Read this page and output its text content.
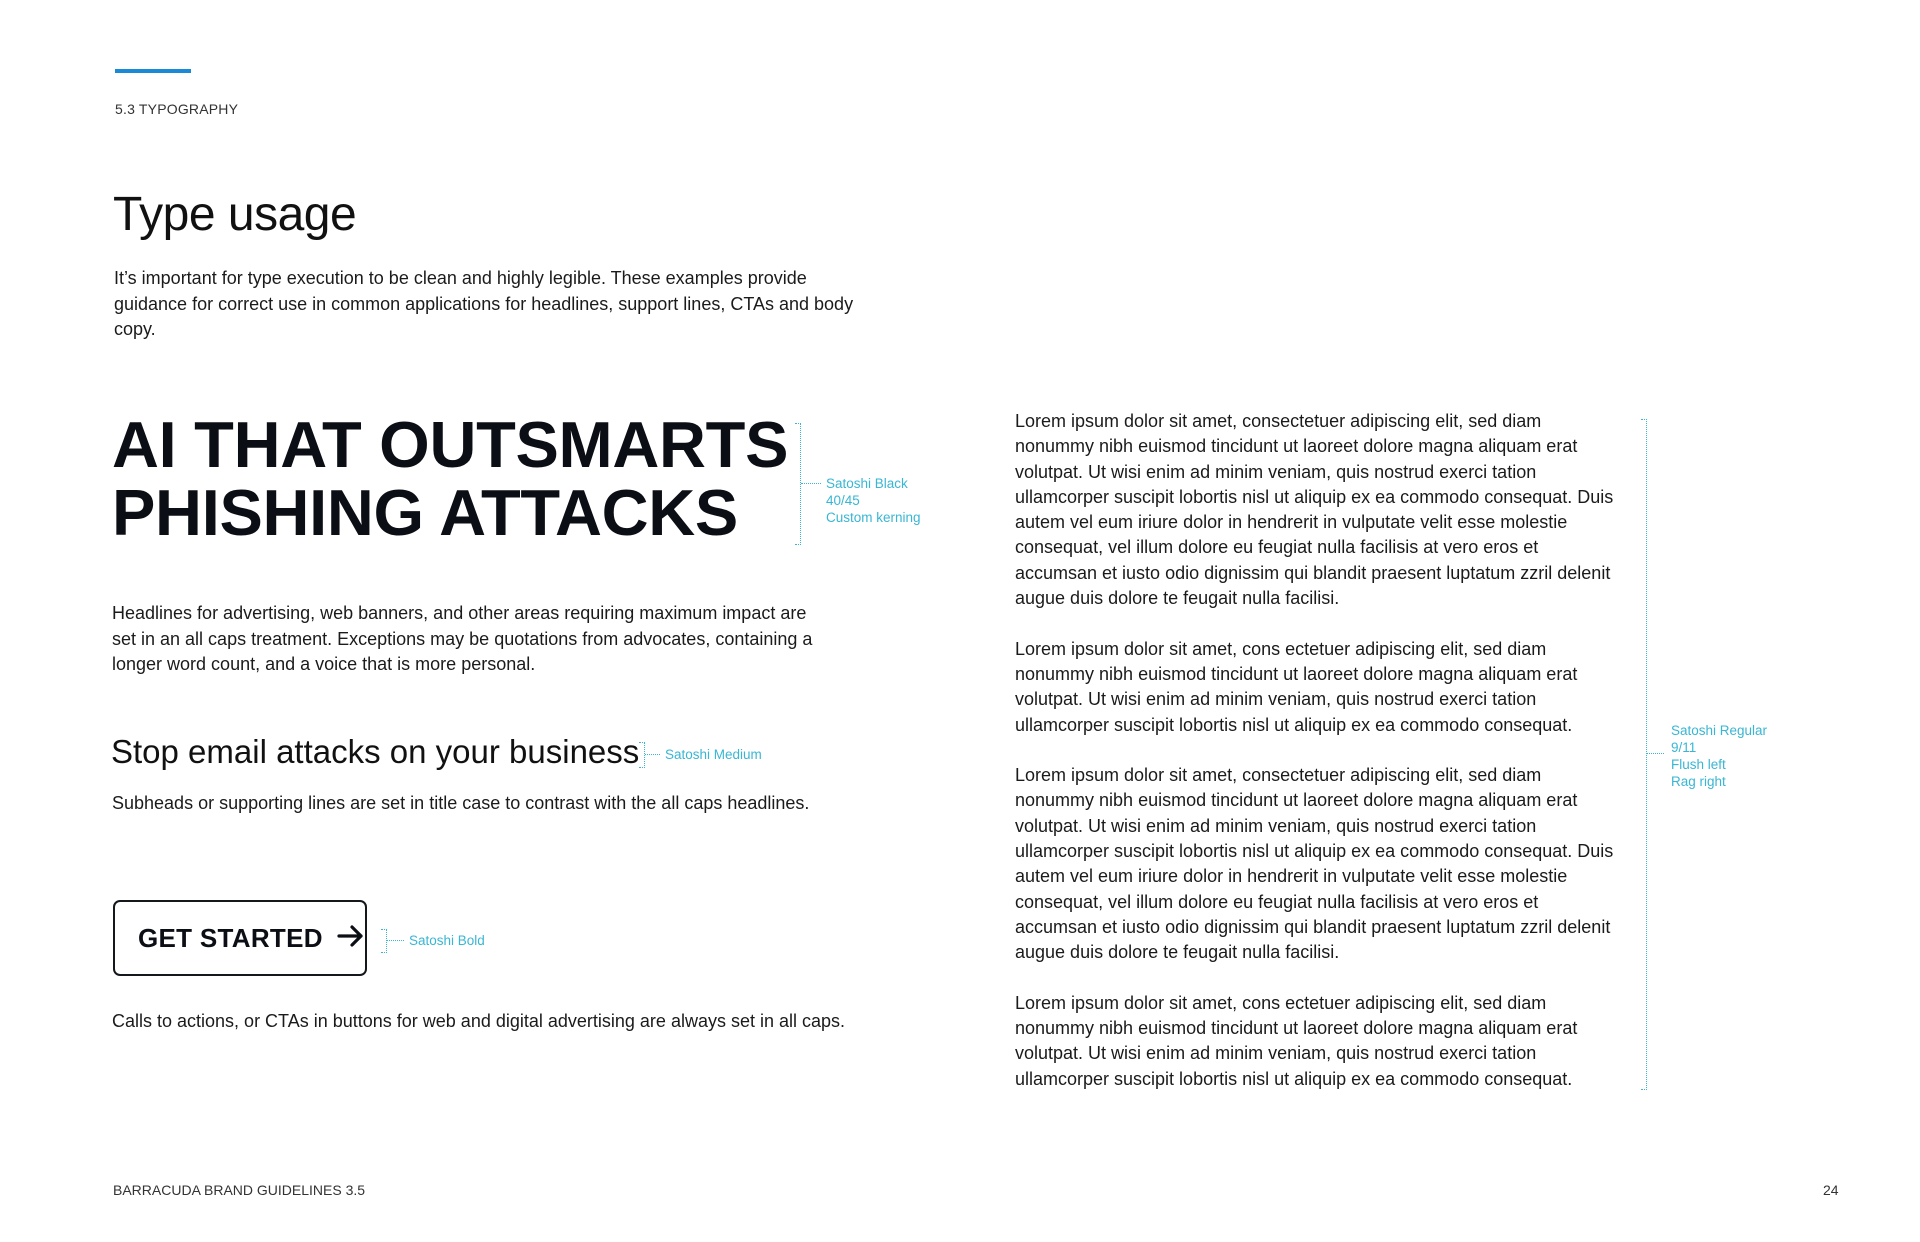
5.3 TYPOGRAPHY
Type usage

It’s important for type execution to be clean and highly legible. These examples provide guidance for correct use in common applications for headlines, support lines, CTAs and body copy.

AI THAT OUTSMARTS
PHISHING ATTACKS	Satoshi Black
40/45
Custom kerning

Headlines for advertising, web banners, and other areas requiring maximum impact are set in an all caps treatment. Exceptions may be quotations from advocates, containing a longer word count, and a voice that is more personal.

Stop email attacks on your business Satoshi Medium

Subheads or supporting lines are set in title case to contrast with the all caps headlines.

GET STARTED	Satoshi Bold

Calls to actions, or CTAs in buttons for web and digital advertising are always set in all caps.

Lorem ipsum dolor sit amet, consectetuer adipiscing elit, sed diam nonummy nibh euismod tincidunt ut laoreet dolore magna aliquam erat volutpat. Ut wisi enim ad minim veniam, quis nostrud exerci tation ullamcorper suscipit lobortis nisl ut aliquip ex ea commodo consequat. Duis autem vel eum iriure dolor in hendrerit in vulputate velit esse molestie consequat, vel illum dolore eu feugiat nulla facilisis at vero eros et accumsan et iusto odio dignissim qui blandit praesent luptatum zzril delenit augue duis dolore te feugait nulla facilisi.

Lorem ipsum dolor sit amet, cons ectetuer adipiscing elit, sed diam nonummy nibh euismod tincidunt ut laoreet dolore magna aliquam erat volutpat. Ut wisi enim ad minim veniam, quis nostrud exerci tation ullamcorper suscipit lobortis nisl ut aliquip ex ea commodo consequat.

Lorem ipsum dolor sit amet, consectetuer adipiscing elit, sed diam nonummy nibh euismod tincidunt ut laoreet dolore magna aliquam erat volutpat. Ut wisi enim ad minim veniam, quis nostrud exerci tation ullamcorper suscipit lobortis nisl ut aliquip ex ea commodo consequat. Duis autem vel eum iriure dolor in hendrerit in vulputate velit esse molestie consequat, vel illum dolore eu feugiat nulla facilisis at vero eros et accumsan et iusto odio dignissim qui blandit praesent luptatum zzril delenit augue duis dolore te feugait nulla facilisi.

Lorem ipsum dolor sit amet, cons ectetuer adipiscing elit, sed diam nonummy nibh euismod tincidunt ut laoreet dolore magna aliquam erat volutpat. Ut wisi enim ad minim veniam, quis nostrud exerci tation ullamcorper suscipit lobortis nisl ut aliquip ex ea commodo consequat.

Satoshi Regular
9/11
Flush left
Rag right
BARRACUDA BRAND GUIDELINES 3.5	24
